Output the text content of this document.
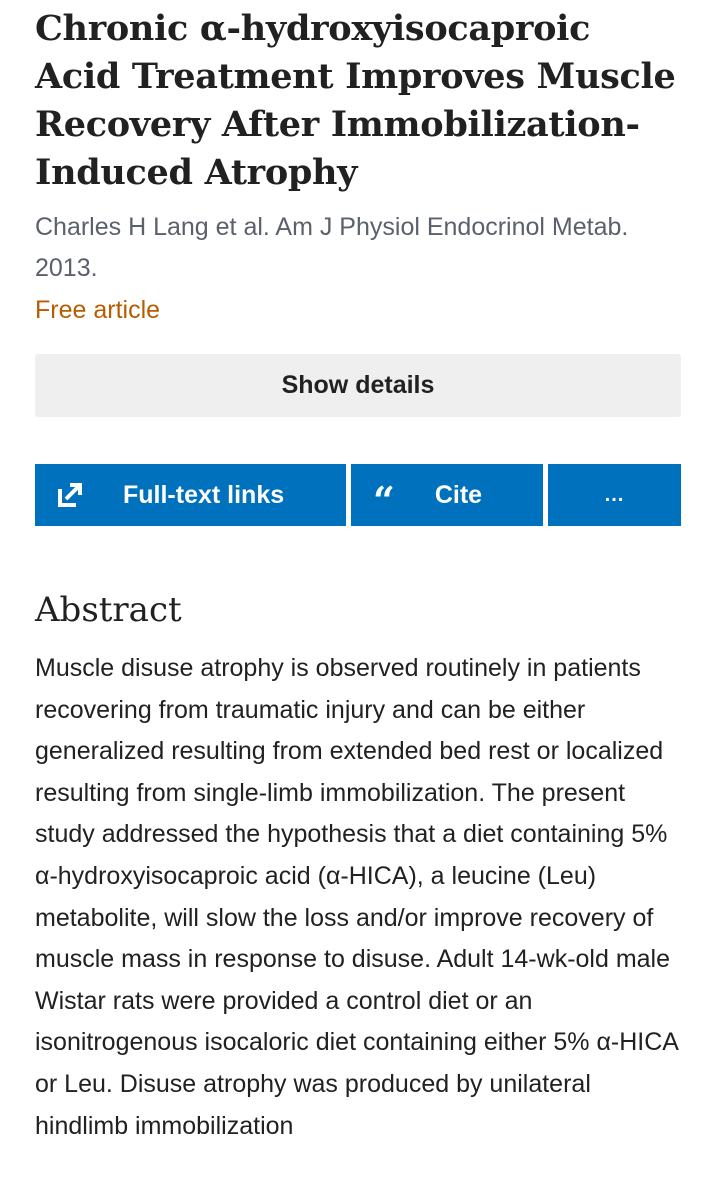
Chronic α-hydroxyisocaproic Acid Treatment Improves Muscle Recovery After Immobilization-Induced Atrophy
Charles H Lang et al. Am J Physiol Endocrinol Metab. 2013.
Free article
Show details
Full-text links “ Cite	...
Abstract
Muscle disuse atrophy is observed routinely in patients recovering from traumatic injury and can be either generalized resulting from extended bed rest or localized resulting from single-limb immobilization. The present study addressed the hypothesis that a diet containing 5% α-hydroxyisocaproic acid (α-HICA), a leucine (Leu) metabolite, will slow the loss and/or improve recovery of muscle mass in response to disuse. Adult 14-wk-old male Wistar rats were provided a control diet or an isonitrogenous isocaloric diet containing either 5% α-HICA or Leu. Disuse atrophy was produced by unilateral hindlimb immobilization
